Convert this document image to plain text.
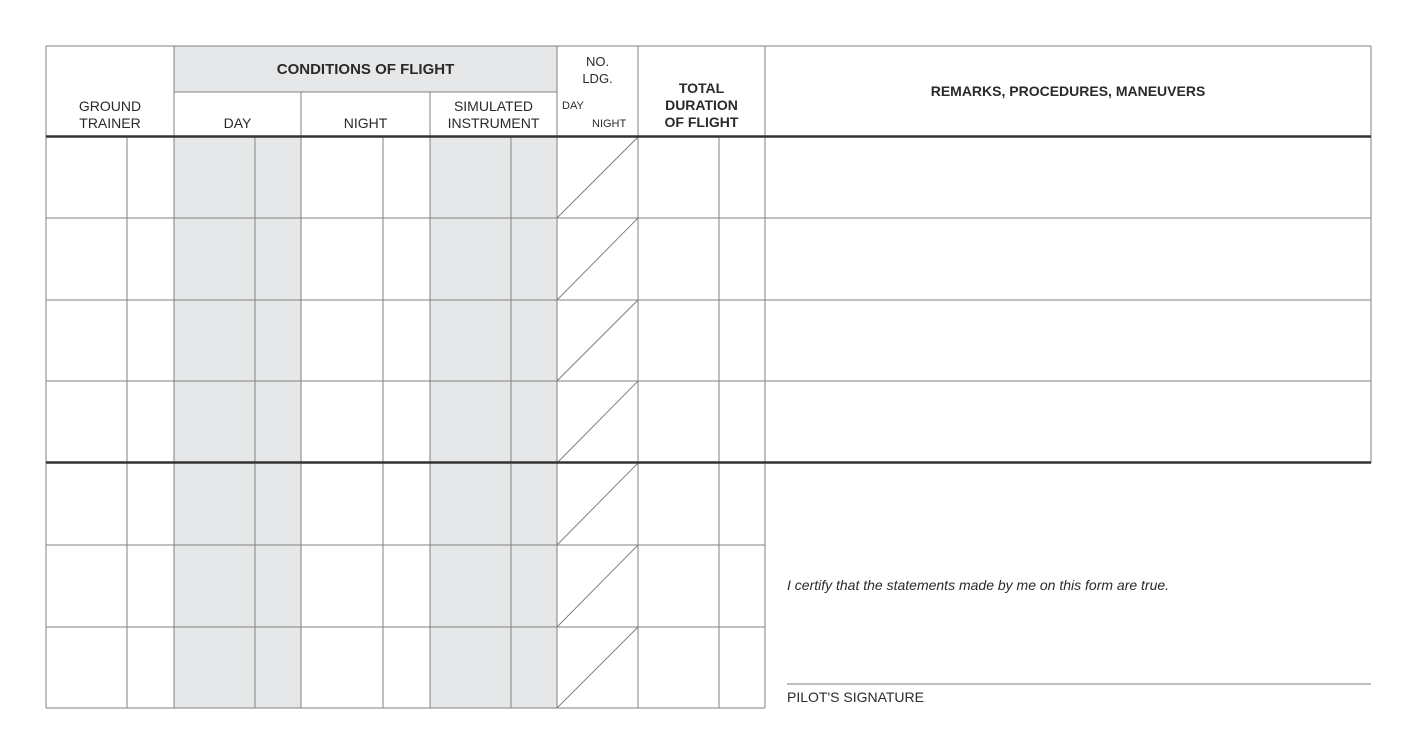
GROUND
TRAINER
CONDITIONS OF FLIGHT
DAY	NIGHT
SIMULATED
INSTRUMENT
NO.
LDG.
DAY
NIGHT
TOTAL
DURATION
OF FLIGHT
REMARKS, PROCEDURES, MANEUVERS
I certify that the statements made by me on this form are true.
PILOT'S SIGNATURE
